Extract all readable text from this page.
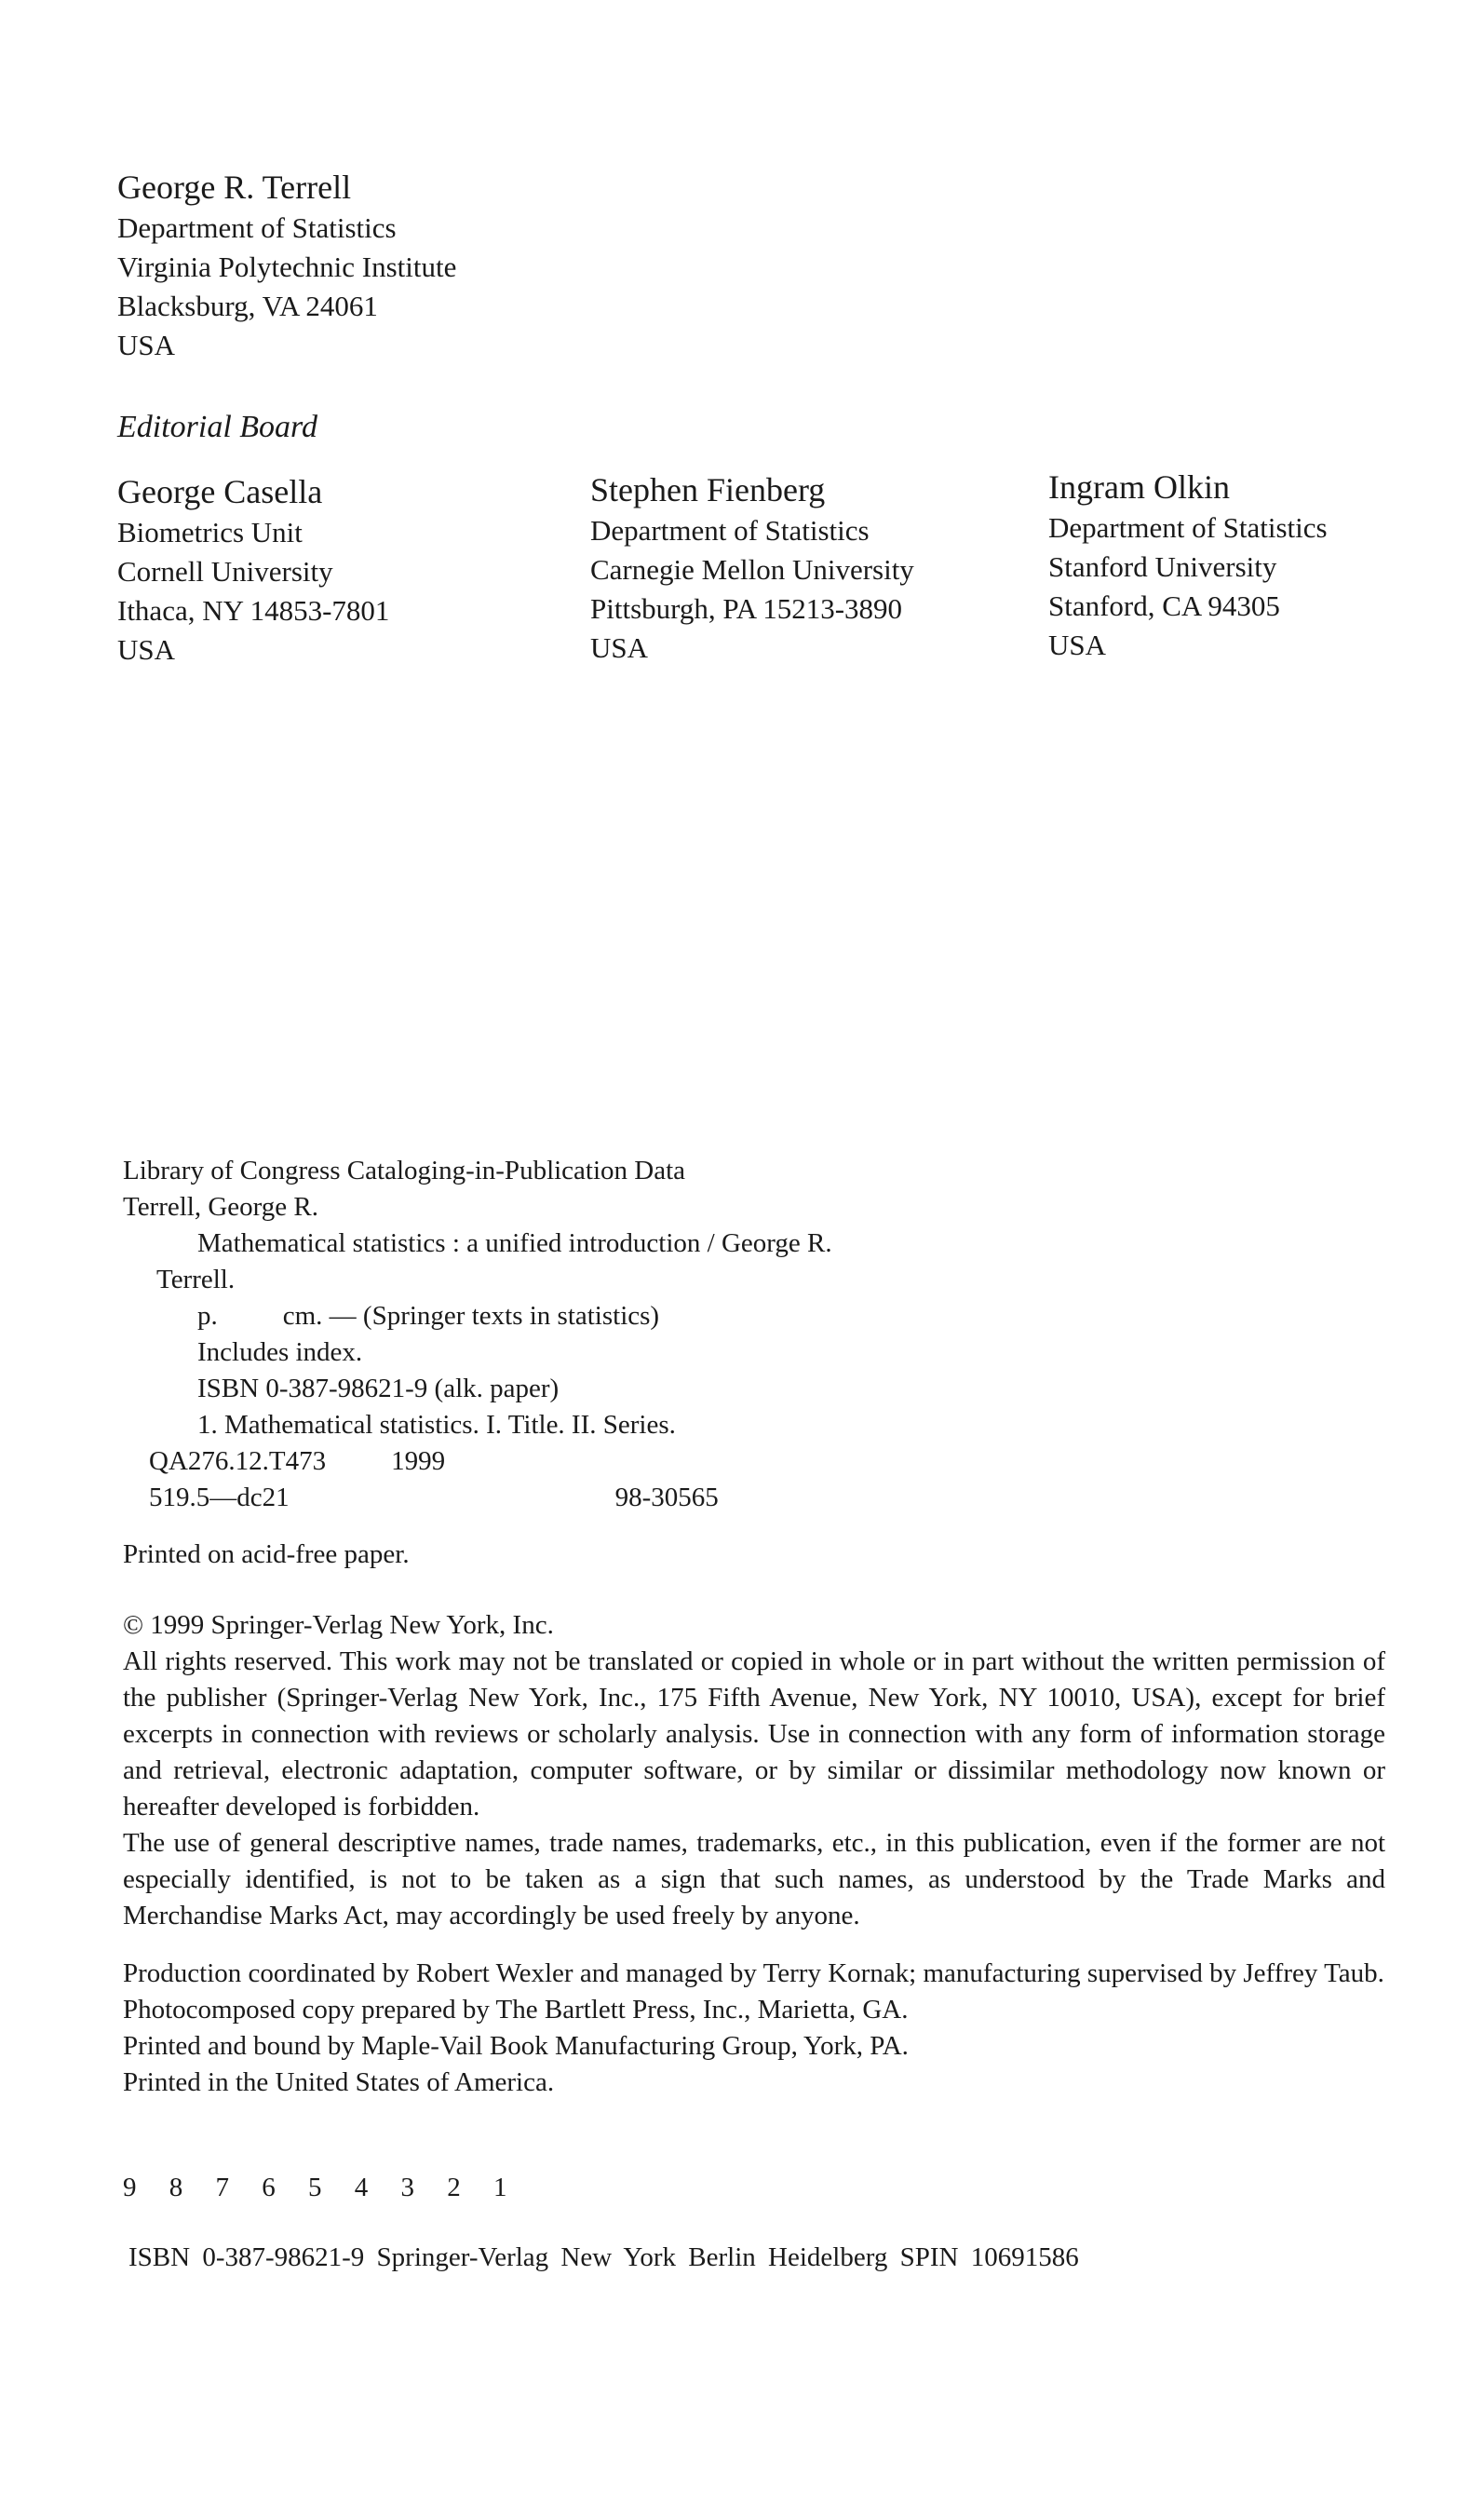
George R. Terrell
Department of Statistics
Virginia Polytechnic Institute
Blacksburg, VA 24061
USA
Editorial Board
George Casella
Biometrics Unit
Cornell University
Ithaca, NY 14853-7801
USA
Stephen Fienberg
Department of Statistics
Carnegie Mellon University
Pittsburgh, PA 15213-3890
USA
Ingram Olkin
Department of Statistics
Stanford University
Stanford, CA 94305
USA
Library of Congress Cataloging-in-Publication Data
Terrell, George R.
Mathematical statistics : a unified introduction / George R.
Terrell.
p. cm. — (Springer texts in statistics)
Includes index.
ISBN 0-387-98621-9 (alk. paper)
1. Mathematical statistics. I. Title. II. Series.
QA276.12.T473 1999
519.5—dc21	98-30565
Printed on acid-free paper.

© 1999 Springer-Verlag New York, Inc.

All rights reserved. This work may not be translated or copied in whole or in part without the written permission of the publisher (Springer-Verlag New York, Inc., 175 Fifth Avenue, New York, NY 10010, USA), except for brief excerpts in connection with reviews or scholarly analysis. Use in connection with any form of information storage and retrieval, electronic adaptation, computer software, or by similar or dissimilar methodology now known or hereafter developed is forbidden.

The use of general descriptive names, trade names, trademarks, etc., in this publication, even if the former are not especially identified, is not to be taken as a sign that such names, as understood by the Trade Marks and Merchandise Marks Act, may accordingly be used freely by anyone.

Production coordinated by Robert Wexler and managed by Terry Kornak; manufacturing supervised by Jeffrey Taub.

Photocomposed copy prepared by The Bartlett Press, Inc., Marietta, GA.

Printed and bound by Maple-Vail Book Manufacturing Group, York, PA.

Printed in the United States of America.

9 8 7 6 5 4 3 2 1
ISBN 0-387-98621-9 Springer-Verlag New York Berlin Heidelberg SPIN 10691586
